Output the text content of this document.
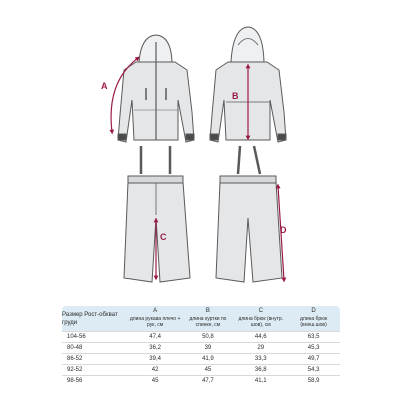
A
B
C
D
Размер Рост-обхват груди	A	B	C	D
	длина рукава плечо + рук, см	длина куртки по спинке, см	длина брюк (внутр. шов), см	длина брюк (внеш.шов)
104-56	47,4	50,8	44,6	63,5
80-48	36,2	39	29	45,3
86-52	39,4	41,9	33,3	49,7
92-52	42	45	36,8	54,3
98-56	45	47,7	41,1	58,9
